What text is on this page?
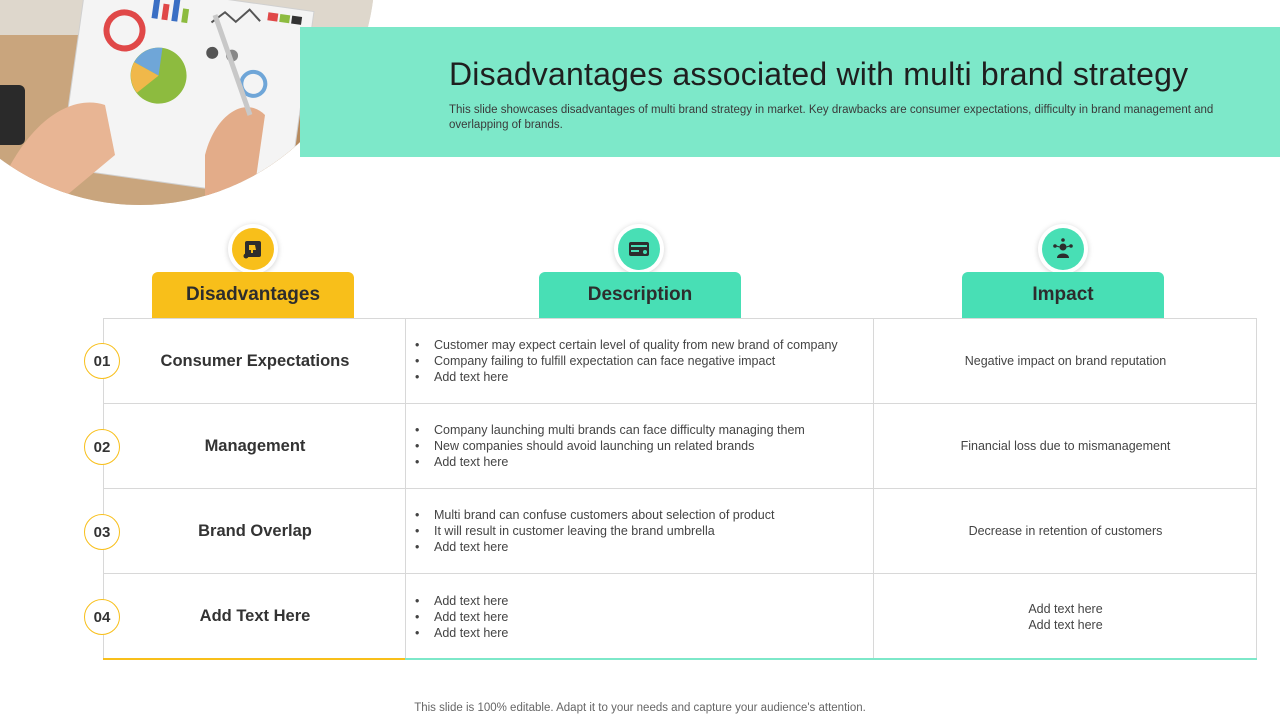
Disadvantages associated with multi brand strategy

This slide showcases disadvantages of multi brand strategy in market. Key drawbacks are consumer expectations, difficulty in brand management and overlapping of brands.

Disadvantages	Description	Impact
Consumer Expectations
• Customer may expect certain level of quality from new brand of company
• Company failing to fulfill expectation can face negative impact
• Add text here
Negative impact on brand reputation
Management
• Company launching multi brands can face difficulty managing them
• New companies should avoid launching un related brands
• Add text here
Financial loss due to mismanagement
Brand Overlap
• Multi brand can confuse customers about selection of product
• It will result in customer leaving the brand umbrella
• Add text here
Decrease in retention of customers
Add Text Here
• Add text here
• Add text here
• Add text here
Add text here
Add text here
01
02
03
04
This slide is 100% editable. Adapt it to your needs and capture your audience's attention.
